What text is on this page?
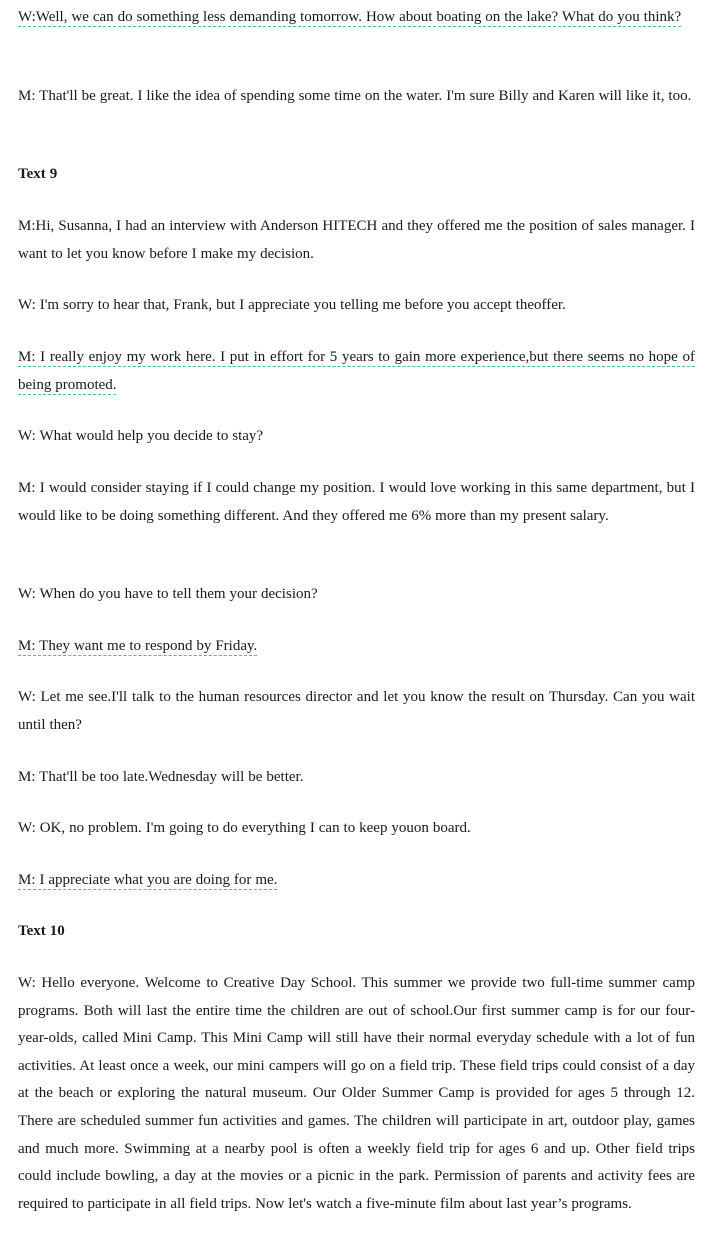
W:Well, we can do something less demanding tomorrow. How about boating on the lake? What do you think?

M: That'll be great. I like the idea of spending some time on the water. I'm sure Billy and Karen will like it, too.

Text 9

M:Hi, Susanna, I had an interview with Anderson HITECH and they offered me the position of sales manager. I want to let you know before I make my decision.

W: I'm sorry to hear that, Frank, but I appreciate you telling me before you accept theoffer.

M: I really enjoy my work here. I put in effort for 5 years to gain more experience,but there seems no hope of being promoted.

W: What would help you decide to stay?

M: I would consider staying if I could change my position. I would love working in this same department, but I would like to be doing something different. And they offered me 6% more than my present salary.

W: When do you have to tell them your decision?

M: They want me to respond by Friday.

W: Let me see.I'll talk to the human resources director and let you know the result on Thursday. Can you wait until then?

M: That'll be too late.Wednesday will be better.

W: OK, no problem. I'm going to do everything I can to keep youon board.

M: I appreciate what you are doing for me.

Text 10

W: Hello everyone. Welcome to Creative Day School. This summer we provide two full-time summer camp programs. Both will last the entire time the children are out of school.Our first summer camp is for our four-year-olds, called Mini Camp. This Mini Camp will still have their normal everyday schedule with a lot of fun activities. At least once a week, our mini campers will go on a field trip. These field trips could consist of a day at the beach or exploring the natural museum. Our Older Summer Camp is provided for ages 5 through 12. There are scheduled summer fun activities and games. The children will participate in art, outdoor play, games and much more. Swimming at a nearby pool is often a weekly field trip for ages 6 and up. Other field trips could include bowling, a day at the movies or a picnic in the park. Permission of parents and activity fees are required to participate in all field trips. Now let's watch a five-minute film about last year’s programs.
